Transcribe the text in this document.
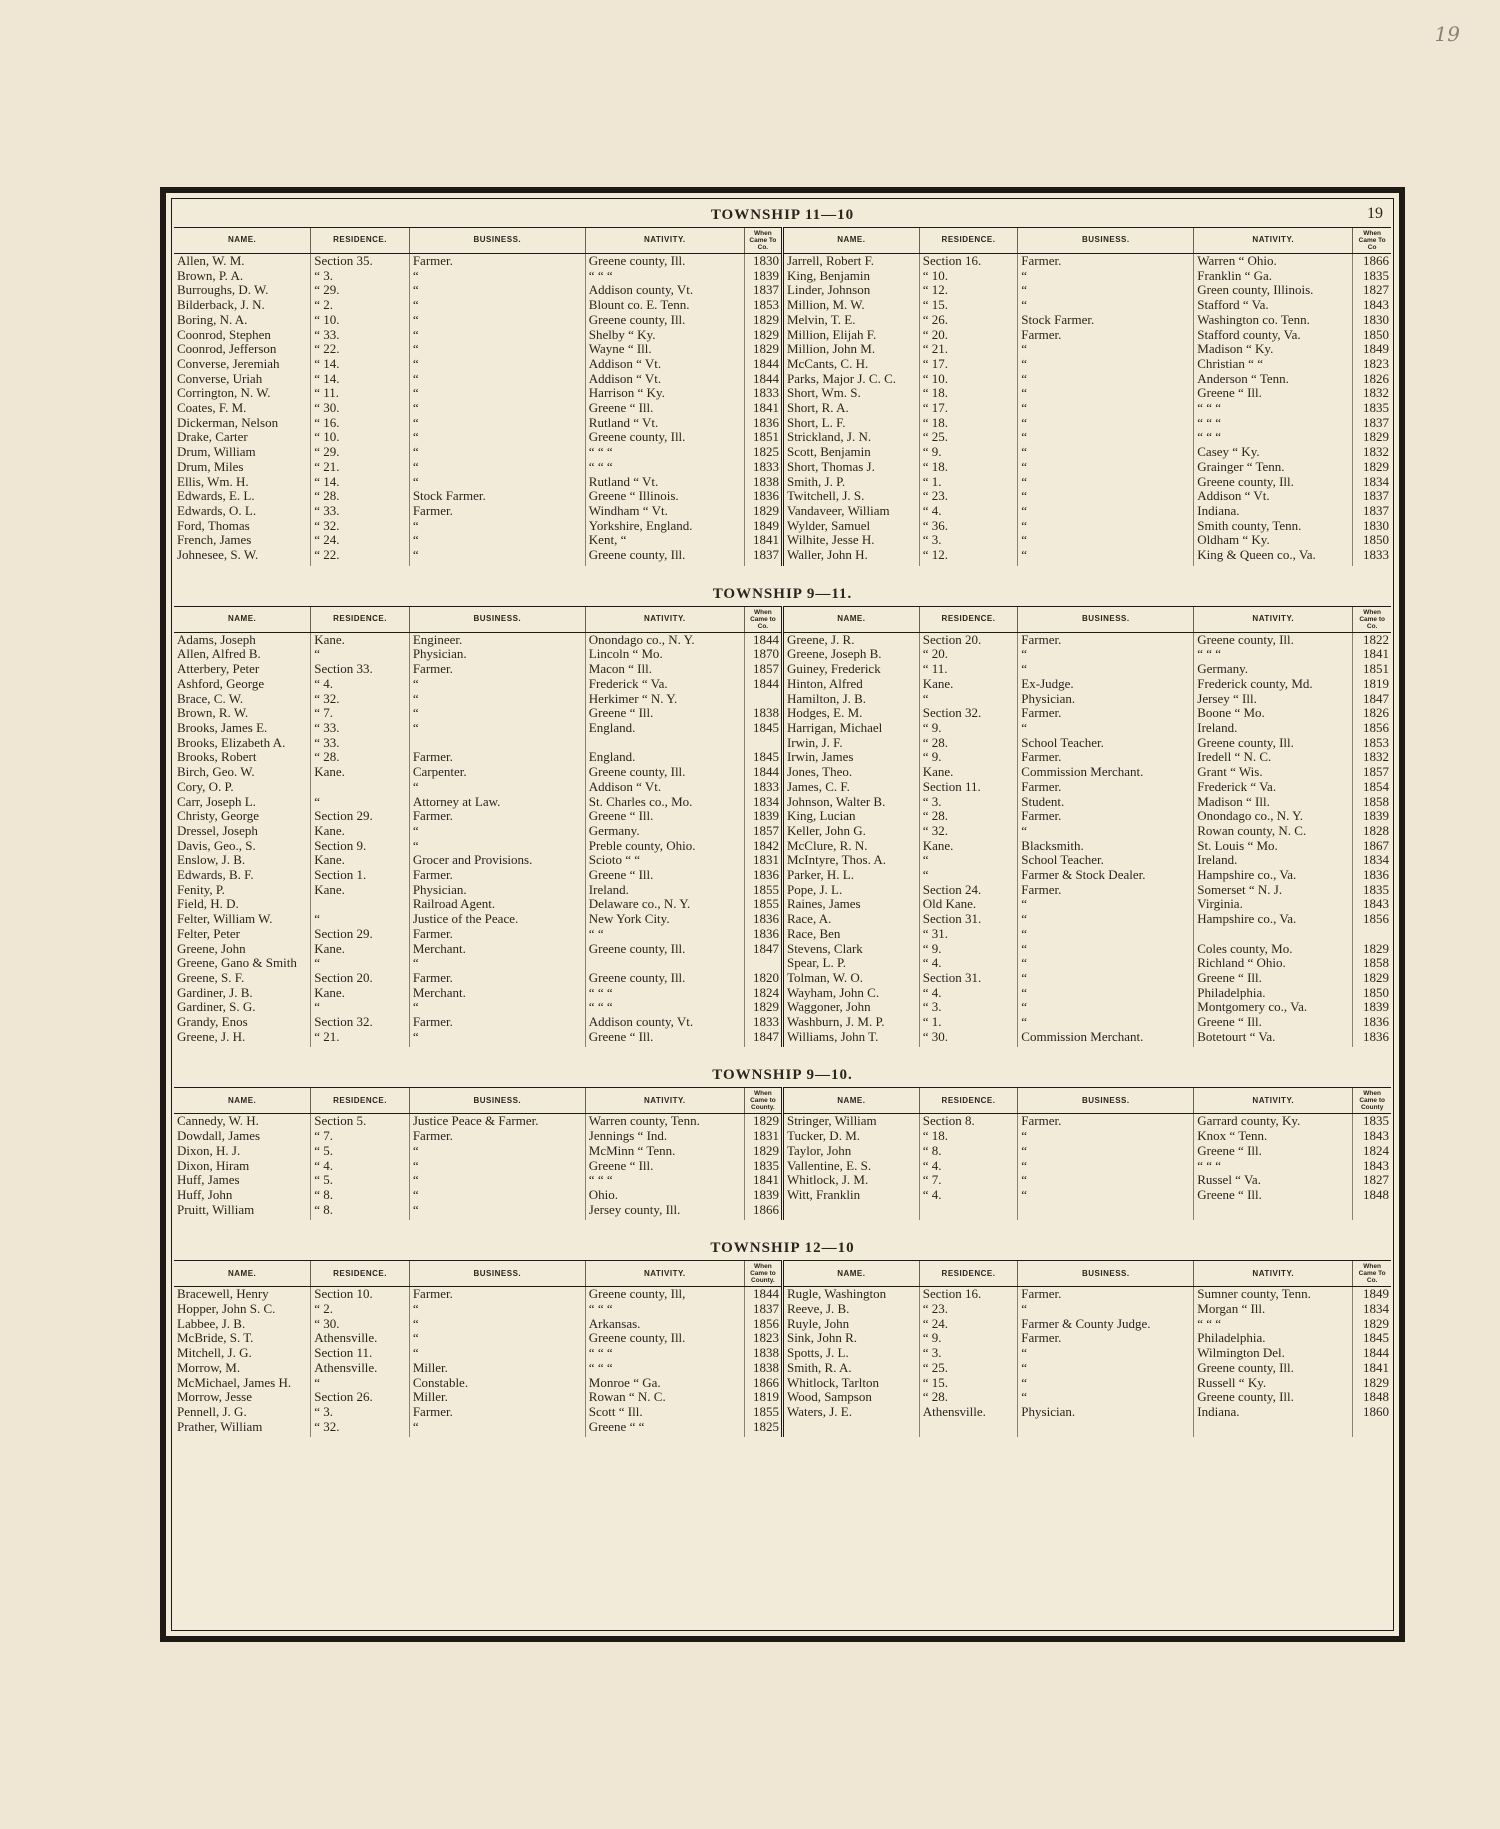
19
TOWNSHIP 11—10	19
NAME.	RESIDENCE.	BUSINESS.	NATIVITY.	When Came To Co.	NAME.	RESIDENCE.	BUSINESS.	NATIVITY.	When Came To Co
Allen, W. M.	Section 35.	Farmer.	Greene county, Ill.	1830	Jarrell, Robert F.	Section 16.	Farmer.	Warren “ Ohio.	1866
Brown, P. A.	“ 3.	“	“ “ “	1839	King, Benjamin	“ 10.	“	Franklin “ Ga.	1835
Burroughs, D. W.	“ 29.	“	Addison county, Vt.	1837	Linder, Johnson	“ 12.	“	Green county, Illinois.	1827
Bilderback, J. N.	“ 2.	“	Blount co. E. Tenn.	1853	Million, M. W.	“ 15.	“	Stafford “ Va.	1843
Boring, N. A.	“ 10.	“	Greene county, Ill.	1829	Melvin, T. E.	“ 26.	Stock Farmer.	Washington co. Tenn.	1830
Coonrod, Stephen	“ 33.	“	Shelby “ Ky.	1829	Million, Elijah F.	“ 20.	Farmer.	Stafford county, Va.	1850
Coonrod, Jefferson	“ 22.	“	Wayne “ Ill.	1829	Million, John M.	“ 21.	“	Madison “ Ky.	1849
Converse, Jeremiah	“ 14.	“	Addison “ Vt.	1844	McCants, C. H.	“ 17.	“	Christian “ “	1823
Converse, Uriah	“ 14.	“	Addison “ Vt.	1844	Parks, Major J. C. C.	“ 10.	“	Anderson “ Tenn.	1826
Corrington, N. W.	“ 11.	“	Harrison “ Ky.	1833	Short, Wm. S.	“ 18.	“	Greene “ Ill.	1832
Coates, F. M.	“ 30.	“	Greene “ Ill.	1841	Short, R. A.	“ 17.	“	“ “ “	1835
Dickerman, Nelson	“ 16.	“	Rutland “ Vt.	1836	Short, L. F.	“ 18.	“	“ “ “	1837
Drake, Carter	“ 10.	“	Greene county, Ill.	1851	Strickland, J. N.	“ 25.	“	“ “ “	1829
Drum, William	“ 29.	“	“ “ “	1825	Scott, Benjamin	“ 9.	“	Casey “ Ky.	1832
Drum, Miles	“ 21.	“	“ “ “	1833	Short, Thomas J.	“ 18.	“	Grainger “ Tenn.	1829
Ellis, Wm. H.	“ 14.	“	Rutland “ Vt.	1838	Smith, J. P.	“ 1.	“	Greene county, Ill.	1834
Edwards, E. L.	“ 28.	Stock Farmer.	Greene “ Illinois.	1836	Twitchell, J. S.	“ 23.	“	Addison “ Vt.	1837
Edwards, O. L.	“ 33.	Farmer.	Windham “ Vt.	1829	Vandaveer, William	“ 4.	“	Indiana.	1837
Ford, Thomas	“ 32.	“	Yorkshire, England.	1849	Wylder, Samuel	“ 36.	“	Smith county, Tenn.	1830
French, James	“ 24.	“	Kent, “	1841	Wilhite, Jesse H.	“ 3.	“	Oldham “ Ky.	1850
Johnesee, S. W.	“ 22.	“	Greene county, Ill.	1837	Waller, John H.	“ 12.	“	King & Queen co., Va.	1833
TOWNSHIP 9—11.
NAME.	RESIDENCE.	BUSINESS.	NATIVITY.	When Came to Co.	NAME.	RESIDENCE.	BUSINESS.	NATIVITY.	When Came to Co.
Adams, Joseph	Kane.	Engineer.	Onondago co., N. Y.	1844	Greene, J. R.	Section 20.	Farmer.	Greene county, Ill.	1822
Allen, Alfred B.	“	Physician.	Lincoln “ Mo.	1870	Greene, Joseph B.	“ 20.	“	“ “ “	1841
Atterbery, Peter	Section 33.	Farmer.	Macon “ Ill.	1857	Guiney, Frederick	“ 11.	“	Germany.	1851
Ashford, George	“ 4.	“	Frederick “ Va.	1844	Hinton, Alfred	Kane.	Ex-Judge.	Frederick county, Md.	1819
Brace, C. W.	“ 32.	“	Herkimer “ N. Y.		Hamilton, J. B.	“	Physician.	Jersey “ Ill.	1847
Brown, R. W.	“ 7.	“	Greene “ Ill.	1838	Hodges, E. M.	Section 32.	Farmer.	Boone “ Mo.	1826
Brooks, James E.	“ 33.	“	England.	1845	Harrigan, Michael	“ 9.	“	Ireland.	1856
Brooks, Elizabeth A.	“ 33.				Irwin, J. F.	“ 28.	School Teacher.	Greene county, Ill.	1853
Brooks, Robert	“ 28.	Farmer.	England.	1845	Irwin, James	“ 9.	Farmer.	Iredell “ N. C.	1832
Birch, Geo. W.	Kane.	Carpenter.	Greene county, Ill.	1844	Jones, Theo.	Kane.	Commission Merchant.	Grant “ Wis.	1857
Cory, O. P.		“	Addison “ Vt.	1833	James, C. F.	Section 11.	Farmer.	Frederick “ Va.	1854
Carr, Joseph L.	“	Attorney at Law.	St. Charles co., Mo.	1834	Johnson, Walter B.	“ 3.	Student.	Madison “ Ill.	1858
Christy, George	Section 29.	Farmer.	Greene “ Ill.	1839	King, Lucian	“ 28.	Farmer.	Onondago co., N. Y.	1839
Dressel, Joseph	Kane.	“	Germany.	1857	Keller, John G.	“ 32.	“	Rowan county, N. C.	1828
Davis, Geo., S.	Section 9.	“	Preble county, Ohio.	1842	McClure, R. N.	Kane.	Blacksmith.	St. Louis “ Mo.	1867
Enslow, J. B.	Kane.	Grocer and Provisions.	Scioto “ “	1831	McIntyre, Thos. A.	“	School Teacher.	Ireland.	1834
Edwards, B. F.	Section 1.	Farmer.	Greene “ Ill.	1836	Parker, H. L.	“	Farmer & Stock Dealer.	Hampshire co., Va.	1836
Fenity, P.	Kane.	Physician.	Ireland.	1855	Pope, J. L.	Section 24.	Farmer.	Somerset “ N. J.	1835
Field, H. D.		Railroad Agent.	Delaware co., N. Y.	1855	Raines, James	Old Kane.	“	Virginia.	1843
Felter, William W.	“	Justice of the Peace.	New York City.	1836	Race, A.	Section 31.	“	Hampshire co., Va.	1856
Felter, Peter	Section 29.	Farmer.	“ “	1836	Race, Ben	“ 31.	“		
Greene, John	Kane.	Merchant.	Greene county, Ill.	1847	Stevens, Clark	“ 9.	“	Coles county, Mo.	1829
Greene, Gano & Smith	“	“			Spear, L. P.	“ 4.	“	Richland “ Ohio.	1858
Greene, S. F.	Section 20.	Farmer.	Greene county, Ill.	1820	Tolman, W. O.	Section 31.	“	Greene “ Ill.	1829
Gardiner, J. B.	Kane.	Merchant.	“ “ “	1824	Wayham, John C.	“ 4.	“	Philadelphia.	1850
Gardiner, S. G.	“	“	“ “ “	1829	Waggoner, John	“ 3.	“	Montgomery co., Va.	1839
Grandy, Enos	Section 32.	Farmer.	Addison county, Vt.	1833	Washburn, J. M. P.	“ 1.	“	Greene “ Ill.	1836
Greene, J. H.	“ 21.	“	Greene “ Ill.	1847	Williams, John T.	“ 30.	Commission Merchant.	Botetourt “ Va.	1836
TOWNSHIP 9—10.
NAME.	RESIDENCE.	BUSINESS.	NATIVITY.	When Came to County.	NAME.	RESIDENCE.	BUSINESS.	NATIVITY.	When Came to County
Cannedy, W. H.	Section 5.	Justice Peace & Farmer.	Warren county, Tenn.	1829	Stringer, William	Section 8.	Farmer.	Garrard county, Ky.	1835
Dowdall, James	“ 7.	Farmer.	Jennings “ Ind.	1831	Tucker, D. M.	“ 18.	“	Knox “ Tenn.	1843
Dixon, H. J.	“ 5.	“	McMinn “ Tenn.	1829	Taylor, John	“ 8.	“	Greene “ Ill.	1824
Dixon, Hiram	“ 4.	“	Greene “ Ill.	1835	Vallentine, E. S.	“ 4.	“	“ “ “	1843
Huff, James	“ 5.	“	“ “ “	1841	Whitlock, J. M.	“ 7.	“	Russel “ Va.	1827
Huff, John	“ 8.	“	Ohio.	1839	Witt, Franklin	“ 4.	“	Greene “ Ill.	1848
Pruitt, William	“ 8.	“	Jersey county, Ill.	1866					
TOWNSHIP 12—10
NAME.	RESIDENCE.	BUSINESS.	NATIVITY.	When Came to County.	NAME.	RESIDENCE.	BUSINESS.	NATIVITY.	When Came To Co.
Bracewell, Henry	Section 10.	Farmer.	Greene county, Ill,	1844	Rugle, Washington	Section 16.	Farmer.	Sumner county, Tenn.	1849
Hopper, John S. C.	“ 2.	“	“ “ “	1837	Reeve, J. B.	“ 23.	“	Morgan “ Ill.	1834
Labbee, J. B.	“ 30.	“	Arkansas.	1856	Ruyle, John	“ 24.	Farmer & County Judge.	“ “ “	1829
McBride, S. T.	Athensville.	“	Greene county, Ill.	1823	Sink, John R.	“ 9.	Farmer.	Philadelphia.	1845
Mitchell, J. G.	Section 11.	“	“ “ “	1838	Spotts, J. L.	“ 3.	“	Wilmington Del.	1844
Morrow, M.	Athensville.	Miller.	“ “ “	1838	Smith, R. A.	“ 25.	“	Greene county, Ill.	1841
McMichael, James H.	“	Constable.	Monroe “ Ga.	1866	Whitlock, Tarlton	“ 15.	“	Russell “ Ky.	1829
Morrow, Jesse	Section 26.	Miller.	Rowan “ N. C.	1819	Wood, Sampson	“ 28.	“	Greene county, Ill.	1848
Pennell, J. G.	“ 3.	Farmer.	Scott “ Ill.	1855	Waters, J. E.	Athensville.	Physician.	Indiana.	1860
Prather, William	“ 32.	“	Greene “ “	1825					
